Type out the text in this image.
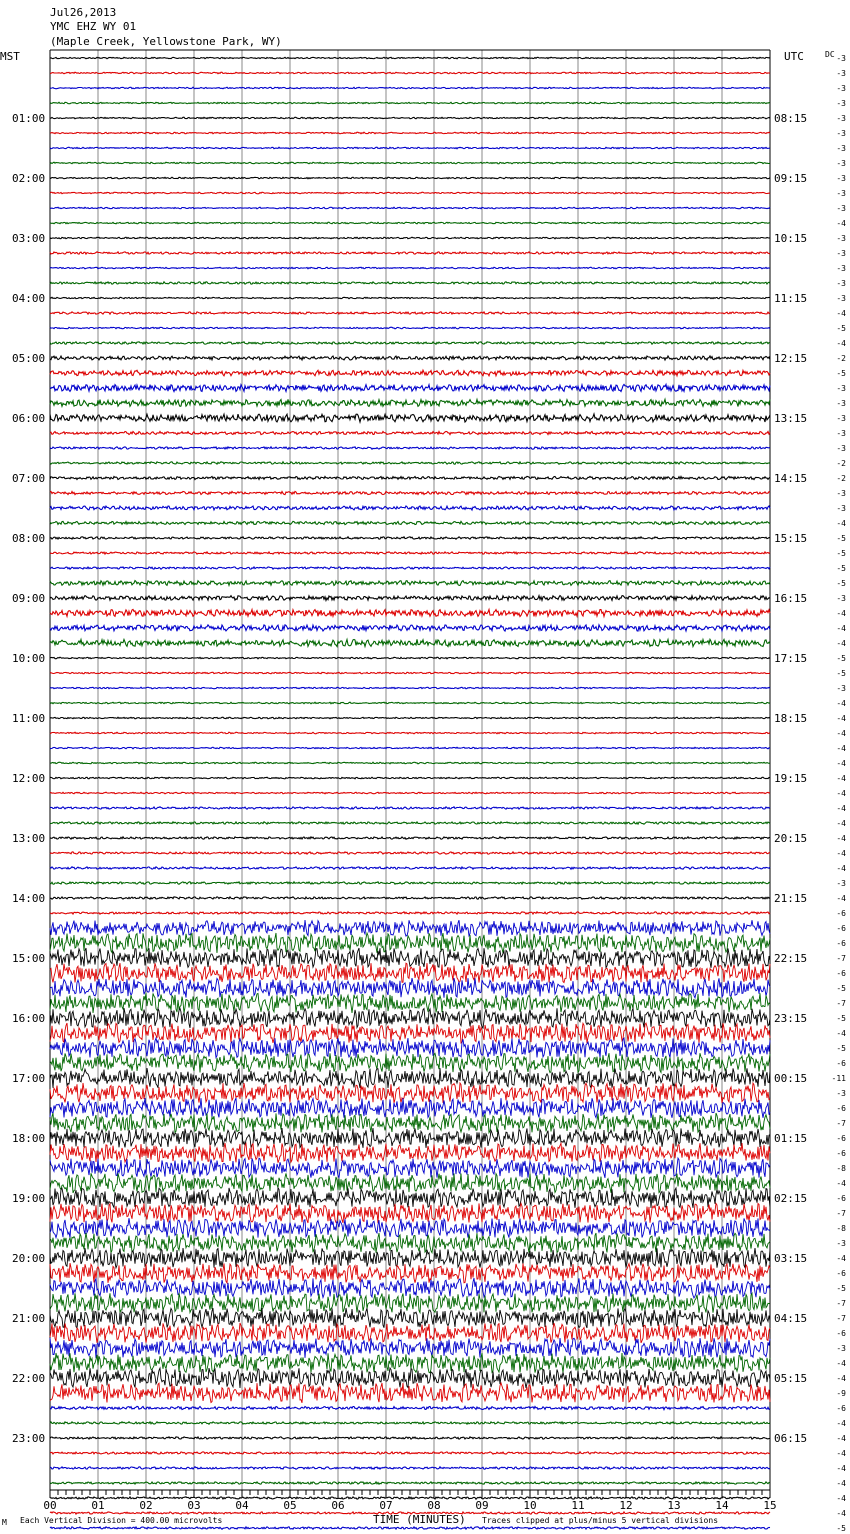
Jul26,2013
YMC EHZ WY 01
(Maple Creek, Yellowstone Park, WY)
MST	UTC	DC
01:00
02:00
03:00
04:00
05:00
06:00
07:00
08:00
09:00
10:00
11:00
12:00
13:00
14:00
15:00
16:00
17:00
18:00
19:00
20:00
21:00
22:00
23:00
08:15
09:15
10:15
11:15
12:15
13:15
14:15
15:15
16:15
17:15
18:15
19:15
20:15
21:15
22:15
23:15
00:15
01:15
02:15
03:15
04:15
05:15
06:15
-3
-3
-3
-3
-3
-3
-3
-3
-3
-3
-3
-4
-3
-3
-3
-3
-3
-4
-5
-4
-2
-5
-3
-3
-3
-3
-3
-2
-2
-3
-3
-4
-5
-5
-5
-5
-3
-4
-4
-4
-5
-5
-3
-4
-4
-4
-4
-4
-4
-4
-4
-4
-4
-4
-4
-3
-4
-6
-6
-6
-7
-6
-5
-7
-5
-4
-5
-6
-11
-3
-6
-7
-6
-6
-8
-4
-6
-7
-8
-3
-4
-6
-5
-7
-7
-6
-3
-4
-4
-9
-6
-4
-4
-4
-4
-4
-4
-4
-5
00	01	02	03	04	05	06	07	08	09	10	11	12	13	14	15
M Each Vertical Division = 400.00 microvolts	TIME (MINUTES) Traces clipped at plus/minus 5 vertical divisions
